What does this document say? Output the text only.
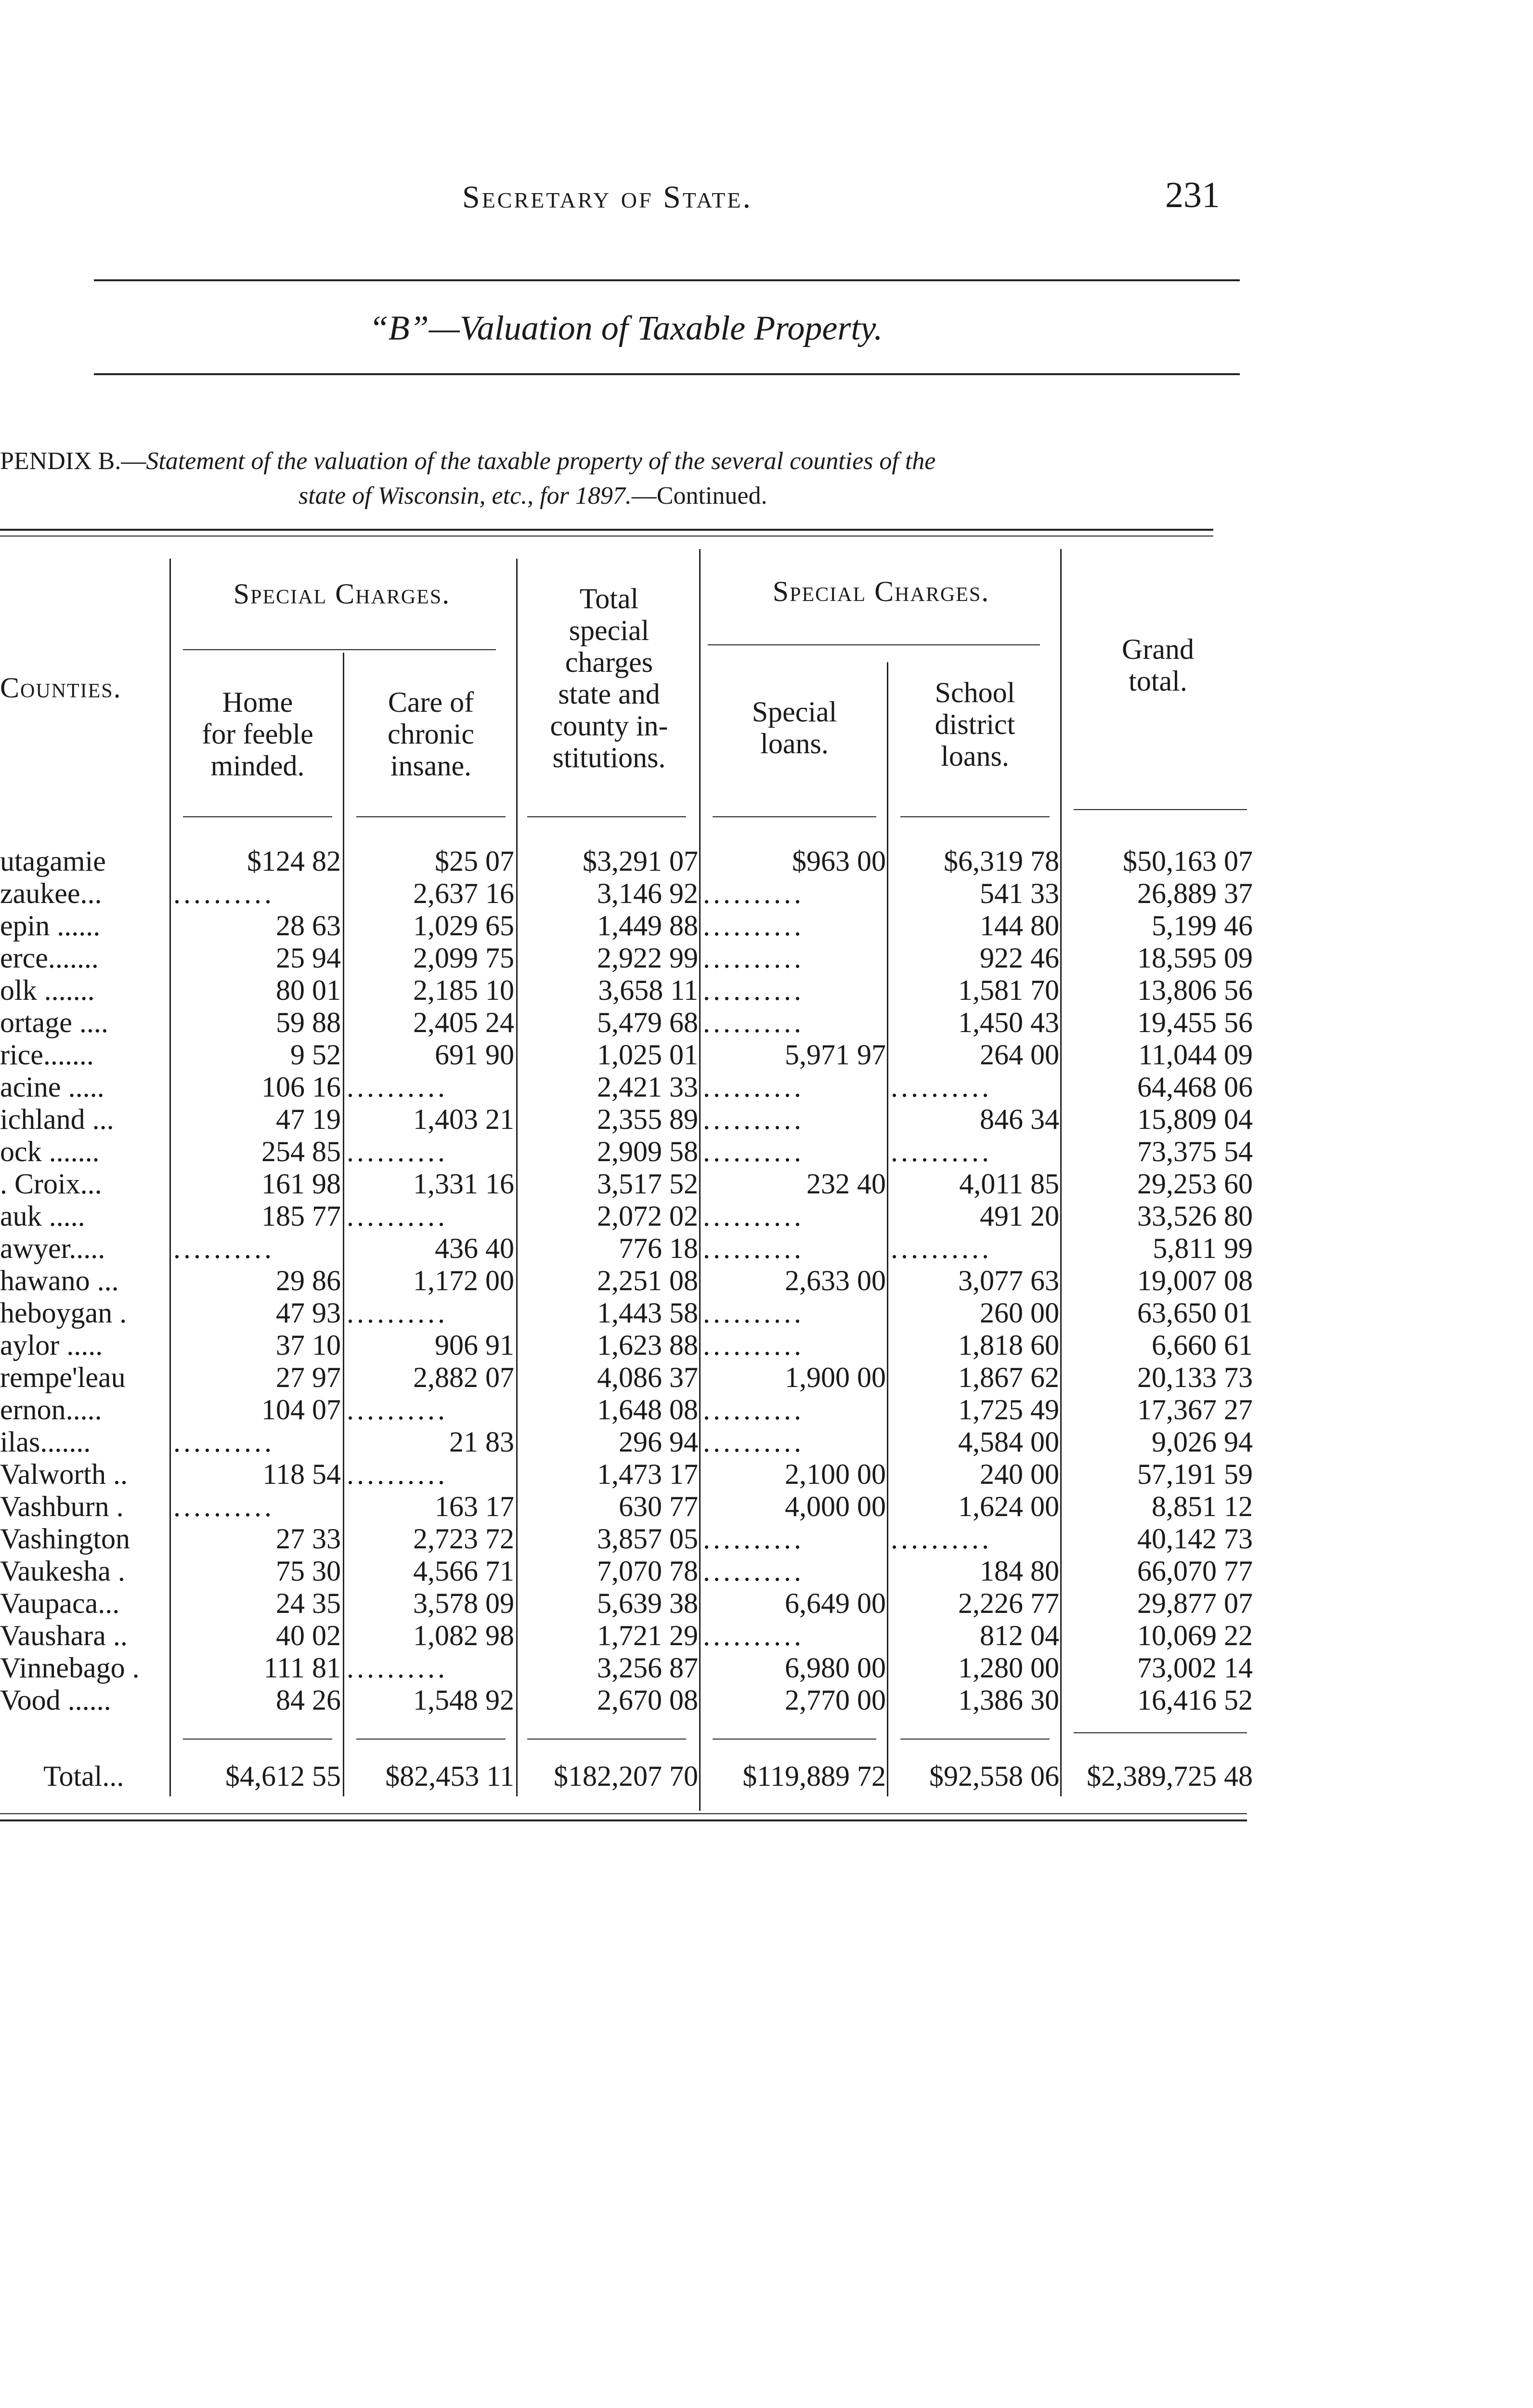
Secretary of State.	231
“B”—Valuation of Taxable Property.
PENDIX B.—Statement of the valuation of the taxable property of the several counties of the
state of Wisconsin, etc., for 1897.—Continued.
Counties.
Special Charges.
Home
for feeble
minded.
Care of
chronic
insane.
Total
special
charges
state and
county in-
stitutions.
Special Charges.
Special
loans.
School
district
loans.
Grand
total.
utagamie	$124 82	$25 07	$3,291 07	$963 00	$6,319 78	$50,163 07
zaukee...	..........	2,637 16	3,146 92 ..........	541 33	26,889 37
epin ......	28 63	1,029 65	1,449 88 ..........	144 80	5,199 46
erce.......	25 94	2,099 75	2,922 99 ..........	922 46	18,595 09
olk .......	80 01	2,185 10	3,658 11 ..........	1,581 70	13,806 56
ortage ....	59 88	2,405 24	5,479 68 ..........	1,450 43	19,455 56
rice.......	9 52	691 90	1,025 01	5,971 97	264 00	11,044 09
acine .....	106 16 ..........	2,421 33 ..........	..........	64,468 06
ichland ...	47 19	1,403 21	2,355 89 ..........	846 34	15,809 04
ock .......	254 85 ..........	2,909 58 ..........	..........	73,375 54
. Croix...	161 98	1,331 16	3,517 52	232 40	4,011 85	29,253 60
auk .....	185 77 ..........	2,072 02 ..........	491 20	33,526 80
awyer.....	..........	436 40	776 18 ..........	..........	5,811 99
hawano ...	29 86	1,172 00	2,251 08	2,633 00	3,077 63	19,007 08
heboygan .	47 93 ..........	1,443 58 ..........	260 00	63,650 01
aylor .....	37 10	906 91	1,623 88 ..........	1,818 60	6,660 61
rempe'leau	27 97	2,882 07	4,086 37	1,900 00	1,867 62	20,133 73
ernon.....	104 07 ..........	1,648 08 ..........	1,725 49	17,367 27
ilas.......	..........	21 83	296 94 ..........	4,584 00	9,026 94
Valworth ..	118 54 ..........	1,473 17	2,100 00	240 00	57,191 59
Vashburn .	..........	163 17	630 77	4,000 00	1,624 00	8,851 12
Vashington	27 33	2,723 72	3,857 05 ..........	..........	40,142 73
Vaukesha .	75 30	4,566 71	7,070 78 ..........	184 80	66,070 77
Vaupaca...	24 35	3,578 09	5,639 38	6,649 00	2,226 77	29,877 07
Vaushara ..	40 02	1,082 98	1,721 29 ..........	812 04	10,069 22
Vinnebago .	111 81 ..........	3,256 87	6,980 00	1,280 00	73,002 14
Vood ......	84 26	1,548 92	2,670 08	2,770 00	1,386 30	16,416 52
Total...	$4,612 55	$82,453 11	$182,207 70	$119,889 72	$92,558 06 $2,389,725 48
